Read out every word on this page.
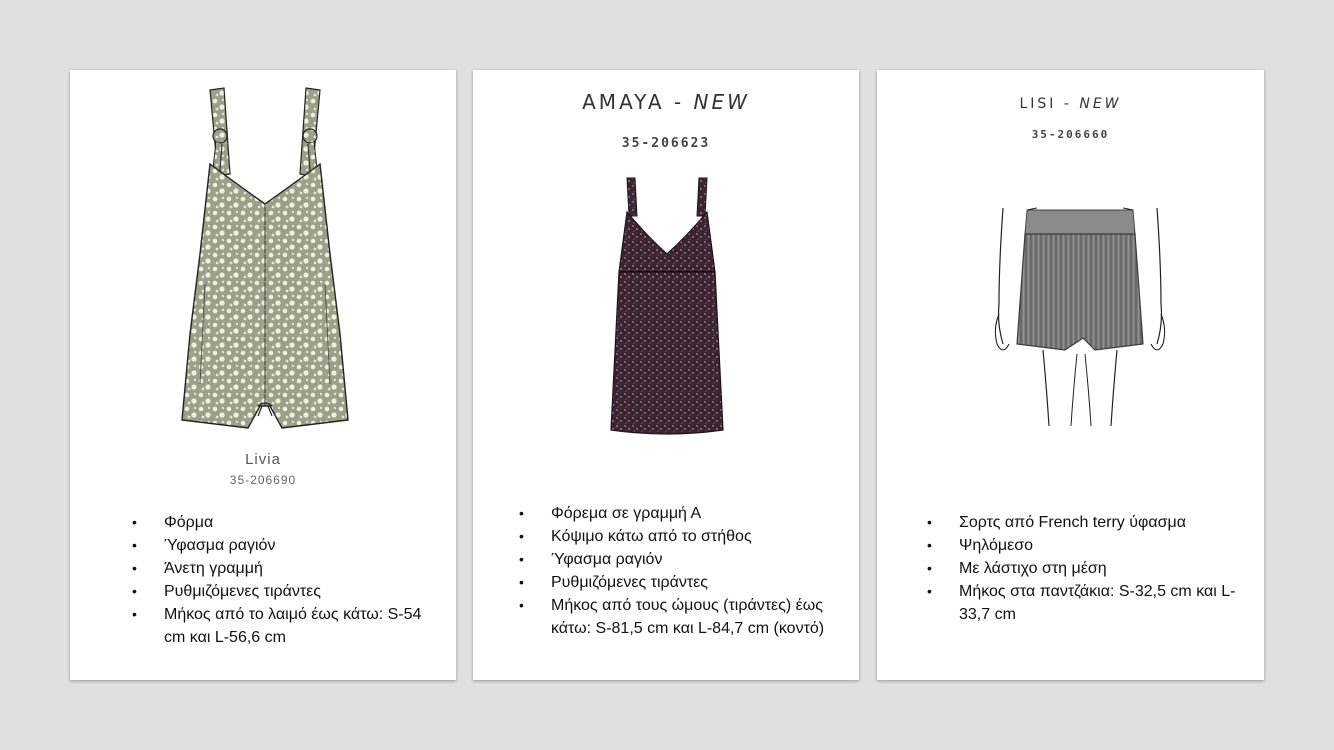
Livia
35-206690
• Φόρμα
• Ύφασμα ραγιόν
• Άνετη γραμμή
• Ρυθμιζόμενες τιράντες
• Μήκος από το λαιμό έως κάτω: S-54 cm και L-56,6 cm
AMAYA - NEW
35-206623
• Φόρεμα σε γραμμή Α
• Κόψιμο κάτω από το στήθος
• Ύφασμα ραγιόν
• Ρυθμιζόμενες τιράντες
• Μήκος από τους ώμους (τιράντες) έως κάτω: S-81,5 cm και L-84,7 cm (κοντό)
LISI - NEW
35-206660
• Σορτς από French terry ύφασμα
• Ψηλόμεσο
• Με λάστιχο στη μέση
• Μήκος στα παντζάκια: S-32,5 cm και L-33,7 cm
